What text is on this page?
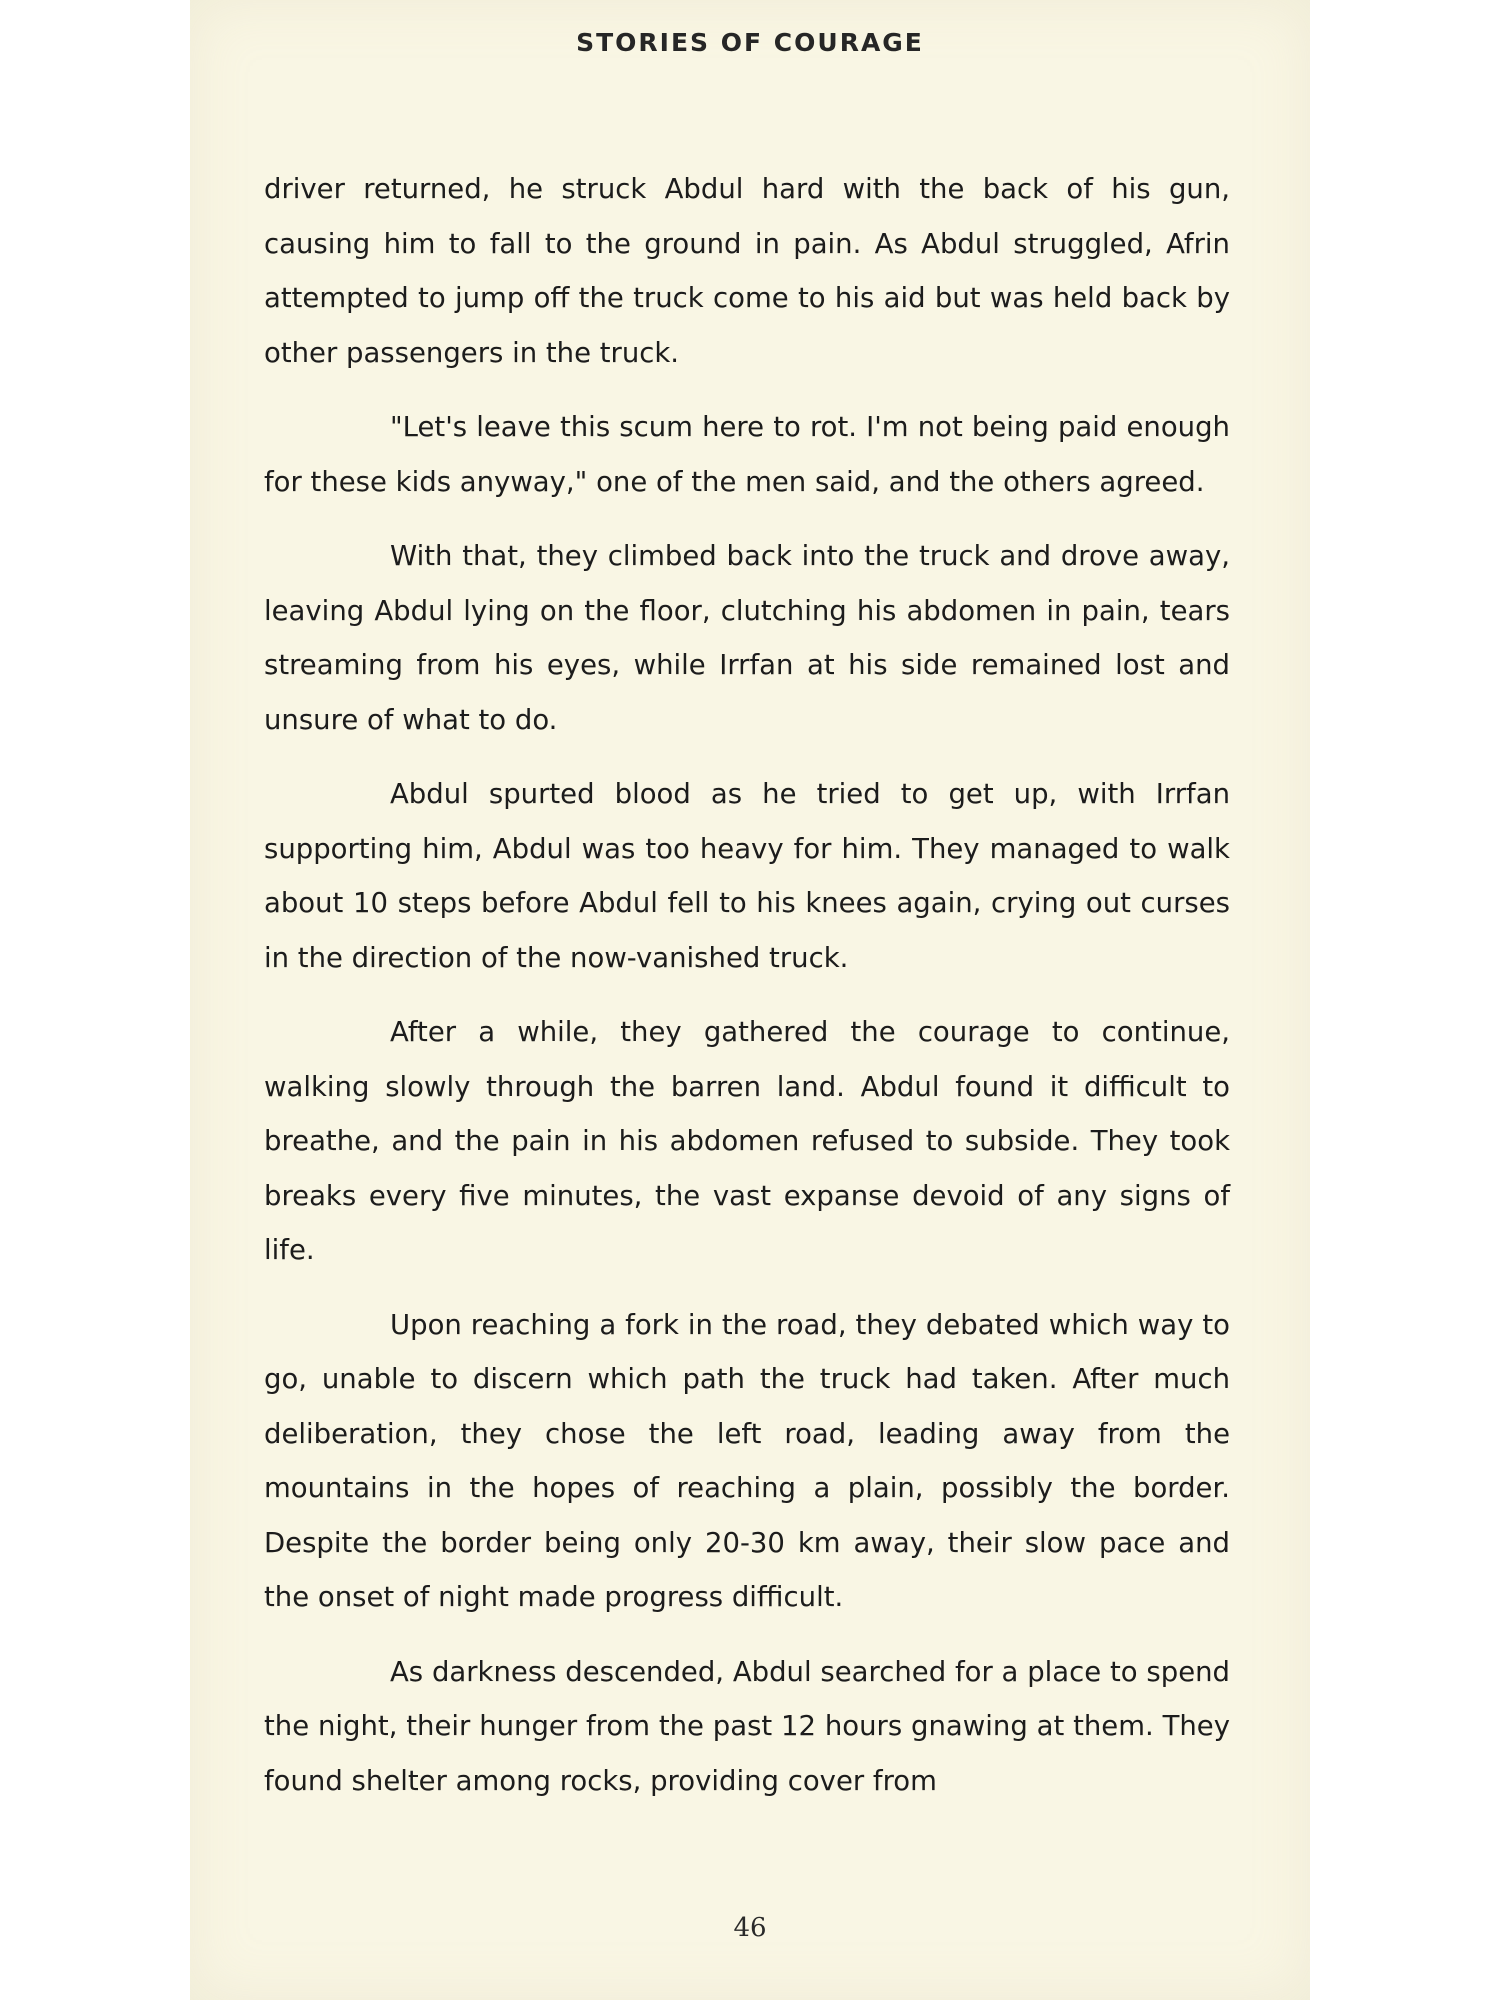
STORIES OF COURAGE

driver returned, he struck Abdul hard with the back of his gun, causing him to fall to the ground in pain. As Abdul struggled, Afrin attempted to jump off the truck come to his aid but was held back by other passengers in the truck.

"Let's leave this scum here to rot. I'm not being paid enough for these kids anyway," one of the men said, and the others agreed.

With that, they climbed back into the truck and drove away, leaving Abdul lying on the floor, clutching his abdomen in pain, tears streaming from his eyes, while Irrfan at his side remained lost and unsure of what to do.

Abdul spurted blood as he tried to get up, with Irrfan supporting him, Abdul was too heavy for him. They managed to walk about 10 steps before Abdul fell to his knees again, crying out curses in the direction of the now-vanished truck.

After a while, they gathered the courage to continue, walking slowly through the barren land. Abdul found it difficult to breathe, and the pain in his abdomen refused to subside. They took breaks every five minutes, the vast expanse devoid of any signs of life.

Upon reaching a fork in the road, they debated which way to go, unable to discern which path the truck had taken. After much deliberation, they chose the left road, leading away from the mountains in the hopes of reaching a plain, possibly the border. Despite the border being only 20-30 km away, their slow pace and the onset of night made progress difficult.

As darkness descended, Abdul searched for a place to spend the night, their hunger from the past 12 hours gnawing at them. They found shelter among rocks, providing cover from

46
